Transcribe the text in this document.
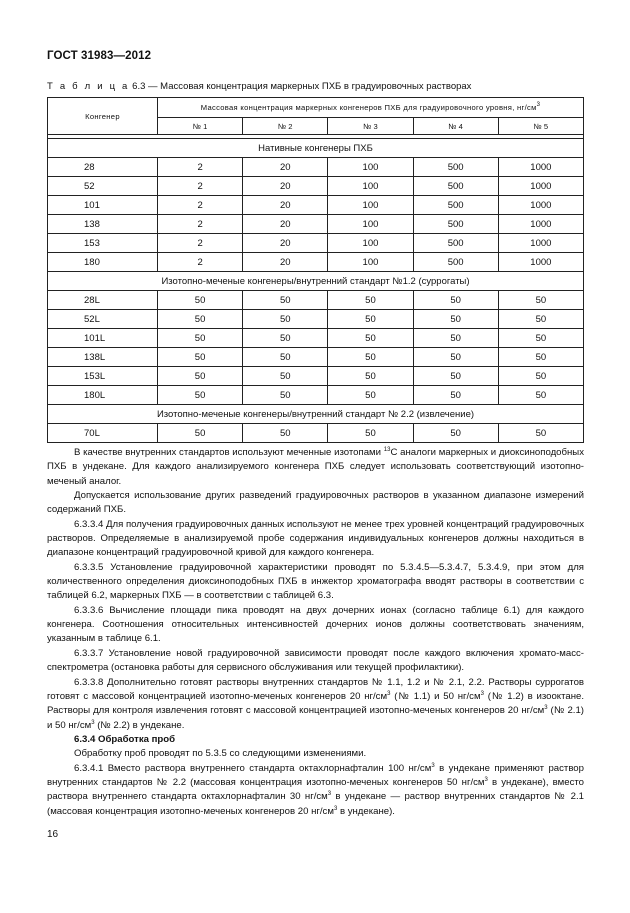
ГОСТ 31983—2012
Т а б л и ц а 6.3 — Массовая концентрация маркерных ПХБ в градуировочных растворах
Конгенер	Массовая концентрация маркерных конгенеров ПХБ для градуировочного уровня, $нг/см^3$
	№ 1	№ 2	№ 3	№ 4	№ 5

Нативные конгенеры ПХБ					
28	2	20	100	500	1000
52	2	20	100	500	1000
101	2	20	100	500	1000
138	2	20	100	500	1000
153	2	20	100	500	1000
180	2	20	100	500	1000
Изотопно-меченые конгенеры/внутренний стандарт №1.2 (суррогаты)					
28L	50	50	50	50	50
52L	50	50	50	50	50
101L	50	50	50	50	50
138L	50	50	50	50	50
153L	50	50	50	50	50
180L	50	50	50	50	50
Изотопно-меченые конгенеры/внутренний стандарт № 2.2 (извлечение)					
70L	50	50	50	50	50

В качестве внутренних стандартов используют меченные изотопами $^{13}$С аналоги маркерных и диоксиноподобных ПХБ в ундекане. Для каждого анализируемого конгенера ПХБ следует использовать соответствующий изотопно-меченый аналог.

Допускается использование других разведений градуировочных растворов в указанном диапазоне измерений содержаний ПХБ.

6.3.3.4 Для получения градуировочных данных используют не менее трех уровней концентраций градуировочных растворов. Определяемые в анализируемой пробе содержания индивидуальных конгенеров должны находиться в диапазоне концентраций градуировочной кривой для каждого конгенера.

6.3.3.5 Установление градуировочной характеристики проводят по 5.3.4.5—5.3.4.7, 5.3.4.9, при этом для количественного определения диоксиноподобных ПХБ в инжектор хроматографа вводят растворы в соответствии с таблицей 6.2, маркерных ПХБ — в соответствии с таблицей 6.3.

6.3.3.6 Вычисление площади пика проводят на двух дочерних ионах (согласно таблице 6.1) для каждого конгенера. Соотношения относительных интенсивностей дочерних ионов должны соответствовать значениям, указанным в таблице 6.1.

6.3.3.7 Установление новой градуировочной зависимости проводят после каждого включения хромато-масс-спектрометра (остановка работы для сервисного обслуживания или текущей профилактики).

6.3.3.8 Дополнительно готовят растворы внутренних стандартов № 1.1, 1.2 и № 2.1, 2.2. Растворы суррогатов готовят с массовой концентрацией изотопно-меченых конгенеров 20 $нг/см^3$ (№ 1.1) и 50 $нг/см^3$ (№ 1.2) в изооктане. Растворы для контроля извлечения готовят с массовой концентрацией изотопно-меченых конгенеров 20 $нг/см^3$ (№ 2.1) и 50 $нг/см^3$ (№ 2.2) в ундекане.

6.3.4 Обработка проб

Обработку проб проводят по 5.3.5 со следующими изменениями.

6.3.4.1 Вместо раствора внутреннего стандарта октахлорнафталин 100 $нг/см^3$ в ундекане применяют раствор внутренних стандартов № 2.2 (массовая концентрация изотопно-меченых конгенеров 50 $нг/см^3$ в ундекане), вместо раствора внутреннего стандарта октахлорнафталин 30 $нг/см^3$ в ундекане — раствор внутренних стандартов № 2.1 (массовая концентрация изотопно-меченых конгенеров 20 $нг/см^3$ в ундекане).

16
